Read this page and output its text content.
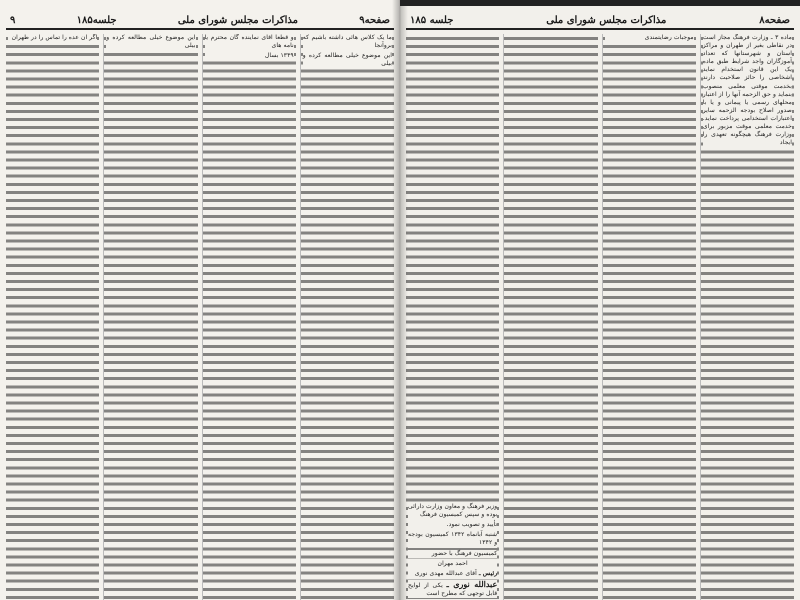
صفحه۹
مذاکرات مجلس شورای ملی
جلسه۱۸۵
۹

ما یک کلاس هائی داشته باشیم که بروآنجا

این موضوع خیلی مطالعه کرده و بیلی

و قطعاً آقای نماینده گان محترم یا نامه های

۱۳۴۹ بسال

این موضوع خیلی مطالعه کرده و بیلی

اگر آن عده را تماس را در طهران

صفحه۸
مذاکرات مجلس شورای ملی
جلسه ۱۸۵

ماده ۳ ـ وزارت فرهنگ مجاز است در نقاطی بغیر از طهران و مراکز استان و شهرستانها که تعداد آموزگاران واجد شرایط طبق ماده یک این قانون استخدام نماید اشخاصی را حائز صلاحیت دارند بخدمت موقتی معلمی منصوب بنماید و حق الزحمه آنها را از اعتبار محلهای رسمی یا پیمانی و یا با صدور اصلاح بودجه الزحمه سایر اعتبارات استخدامی پرداخت نماید. خدمت معلمی موقت مزبور برای وزارت فرهنگ هیچگونه تعهدی را ایجاد

موجبات رضایتمندی

وزیر فرهنگ و معاون وزارت دارائی بوده و سپس کمیسیون فرهنگ

تأیید و تصویب نمود.

شنبه آبانماه ۱۳۴۲ کمیسیون بودجه و ۱۳۴۲

کمیسیون فرهنگ با حضور

احمد مهران

رئیس ـ آقای عبدالله مهدی نوری

عبدالله نوری ـ یکی از لوایح قابل توجهی که مطرح است
